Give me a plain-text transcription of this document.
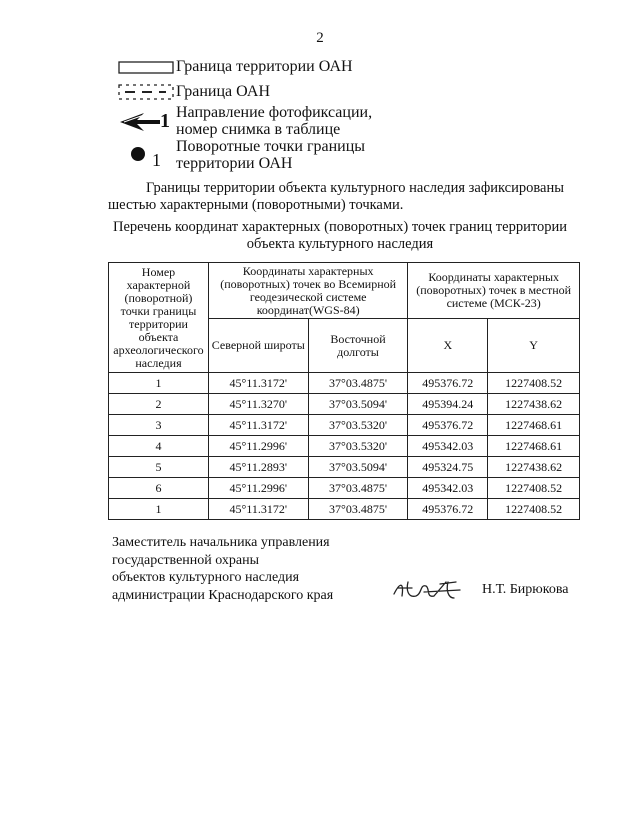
2
Граница территории ОАН
Граница ОАН
1 Направление фотофиксации,
номер снимка в таблице
1
Поворотные точки границы
территории ОАН
Границы территории объекта культурного наследия зафиксированы
шестью характерными (поворотными) точками.
Перечень координат характерных (поворотных) точек границ территории
объекта культурного наследия
Номер характерной (поворотной) точки границы территории объекта археологического наследия	Координаты характерных (поворотных) точек во Всемирной геодезической системе координат(WGS-84)		Координаты характерных (поворотных) точек в местной системе (МСК-23)	
	Северной широты	Восточной долготы	X	Y
1	45°11.3172'	37°03.4875'	495376.72	1227408.52
2	45°11.3270'	37°03.5094'	495394.24	1227438.62
3	45°11.3172'	37°03.5320'	495376.72	1227468.61
4	45°11.2996'	37°03.5320'	495342.03	1227468.61
5	45°11.2893'	37°03.5094'	495324.75	1227438.62
6	45°11.2996'	37°03.4875'	495342.03	1227408.52
1	45°11.3172'	37°03.4875'	495376.72	1227408.52
Заместитель начальника управления
государственной охраны
объектов культурного наследия
администрации Краснодарского края	Н.Т. Бирюкова
